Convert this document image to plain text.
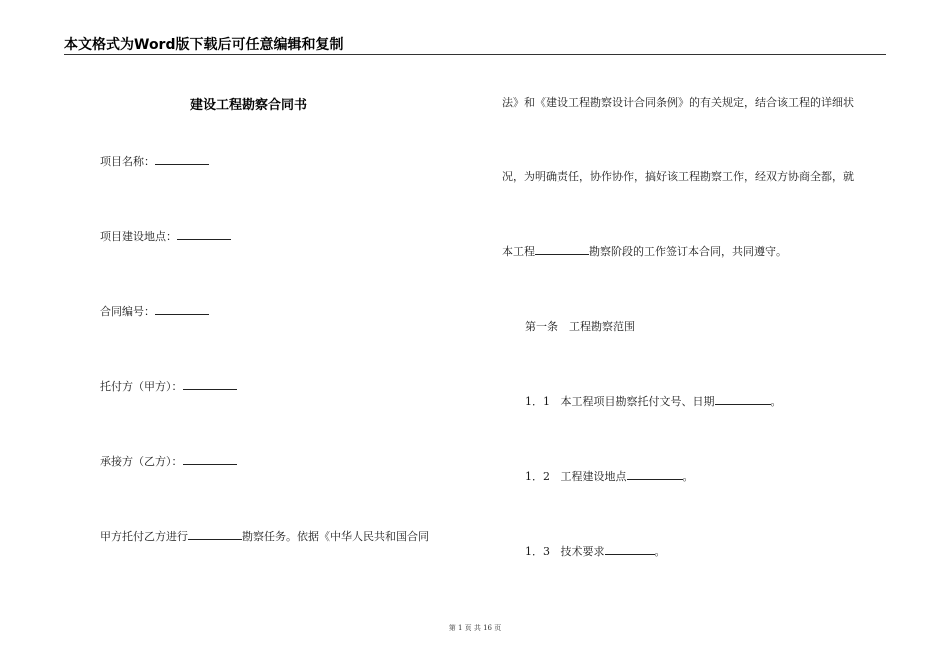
本文格式为Word版下载后可任意编辑和复制
建设工程勘察合同书
项目名称：
项目建设地点：
合同编号：
托付方（甲方）：
承接方（乙方）：
甲方托付乙方进行	勘察任务。依据《中华人民共和国合同
法》和《建设工程勘察设计合同条例》的有关规定，结合该工程的详细状
况，为明确责任，协作协作，搞好该工程勘察工作，经双方协商全都，就
本工程	勘察阶段的工作签订本合同，共同遵守。
第一条　工程勘察范围
1．1 本工程项目勘察托付文号、日期	。
1．2 工程建设地点	。
1．3 技术要求	。
第 1 页 共 16 页
